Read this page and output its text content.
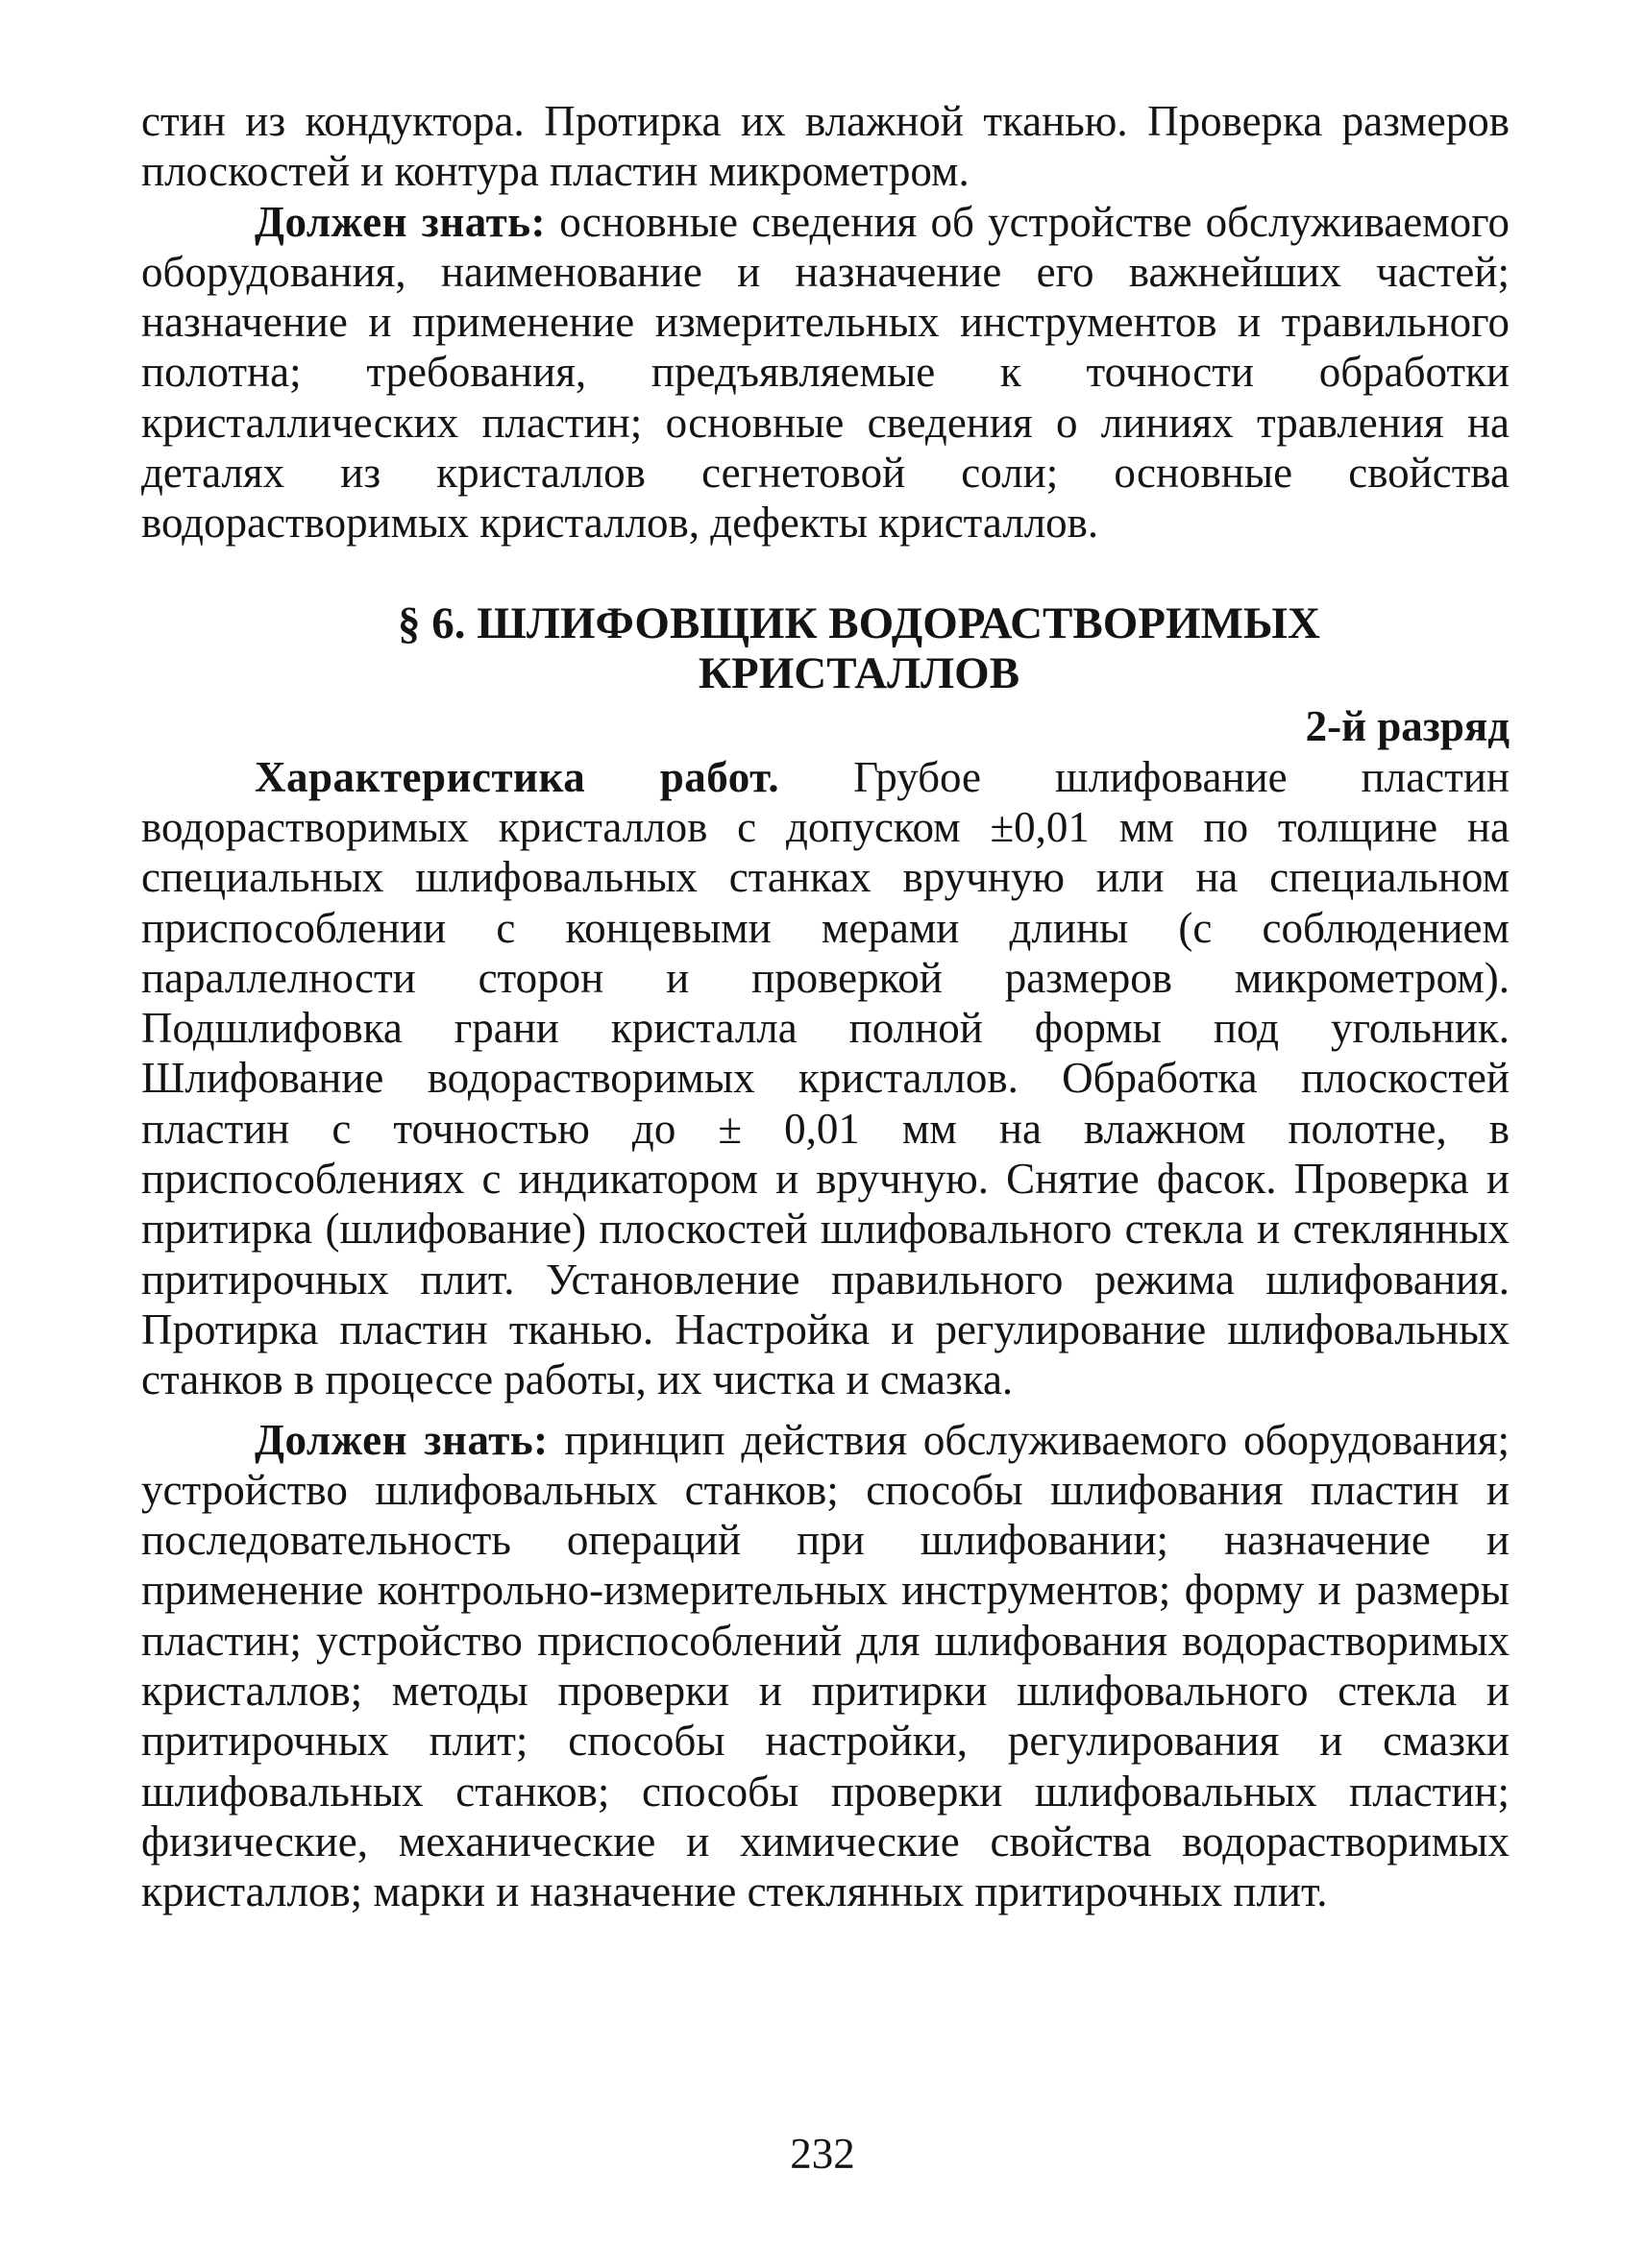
стин из кондуктора. Протирка их влажной тканью. Проверка размеров плоскостей и контура пластин микрометром.

Должен знать: основные сведения об устройстве обслуживаемого оборудования, наименование и назначение его важнейших частей; назначение и применение измерительных инструментов и травильного полотна; требования, предъявляемые к точности обработки кристаллических пластин; основные сведения о линиях травления на деталях из кристаллов сегнетовой соли; основные свойства водорастворимых кристаллов, дефекты кристаллов.

§ 6. ШЛИФОВЩИК ВОДОРАСТВОРИМЫХ
КРИСТАЛЛОВ

2-й разряд

Характеристика работ. Грубое шлифование пластин водорастворимых кристаллов с допуском ±0,01 мм по толщине на специальных шлифовальных станках вручную или на специальном приспособлении с концевыми мерами длины (с соблюдением параллелности сторон и проверкой размеров микрометром). Подшлифовка грани кристалла полной формы под угольник. Шлифование водорастворимых кристаллов. Обработка плоскостей пластин с точностью до ± 0,01 мм на влажном полотне, в приспособлениях с индикатором и вручную. Снятие фасок. Проверка и притирка (шлифование) плоскостей шлифовального стекла и стеклянных притирочных плит. Установление правильного режима шлифования. Протирка пластин тканью. Настройка и регулирование шлифовальных станков в процессе работы, их чистка и смазка.

Должен знать: принцип действия обслуживаемого оборудования; устройство шлифовальных станков; способы шлифования пластин и последовательность операций при шлифовании; назначение и применение контрольно-измерительных инструментов; форму и размеры пластин; устройство приспособлений для шлифования водорастворимых кристаллов; методы проверки и притирки шлифовального стекла и притирочных плит; способы настройки, регулирования и смазки шлифовальных станков; способы проверки шлифовальных пластин; физические, механические и химические свойства водорастворимых кристаллов; марки и назначение стеклянных притирочных плит.

232
